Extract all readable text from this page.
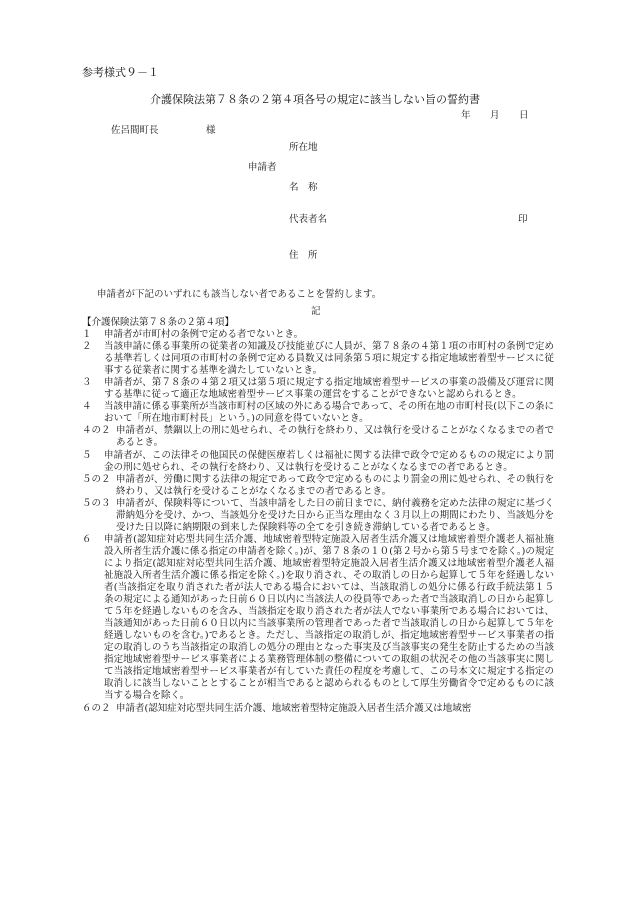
参考様式９－１
介護保険法第７８条の２第４項各号の規定に該当しない旨の誓約書
年 月 日
佐呂間町長	様
所在地
申請者
名　称
代表者名	印
住　所
申請者が下記のいずれにも該当しない者であることを誓約します。
記
【介護保険法第７８条の２第４項】
１	申請者が市町村の条例で定める者でないとき。
２	当該申請に係る事業所の従業者の知識及び技能並びに人員が、第７８条の４第１項の市町村の条例で定める基準若しくは同項の市町村の条例で定める員数又は同条第５項に規定する指定地域密着型サービスに従事する従業者に関する基準を満たしていないとき。
３	申請者が、第７８条の４第２項又は第５項に規定する指定地域密着型サービスの事業の設備及び運営に関する基準に従って適正な地域密着型サービス事業の運営をすることができないと認められるとき。
４	当該申請に係る事業所が当該市町村の区域の外にある場合であって、その所在地の市町村長(以下この条において「所在地市町村長」という。)の同意を得ていないとき。
４の２ 申請者が、禁錮以上の刑に処せられ、その執行を終わり、又は執行を受けることがなくなるまでの者であるとき。
５	申請者が、この法律その他国民の保健医療若しくは福祉に関する法律で政令で定めるものの規定により罰金の刑に処せられ、その執行を終わり、又は執行を受けることがなくなるまでの者であるとき。
５の２ 申請者が、労働に関する法律の規定であって政令で定めるものにより罰金の刑に処せられ、その執行を終わり、又は執行を受けることがなくなるまでの者であるとき。
５の３ 申請者が、保険料等について、当該申請をした日の前日までに、納付義務を定めた法律の規定に基づく滞納処分を受け、かつ、当該処分を受けた日から正当な理由なく３月以上の期間にわたり、当該処分を受けた日以降に納期限の到来した保険料等の全てを引き続き滞納している者であるとき。
６	申請者(認知症対応型共同生活介護、地域密着型特定施設入居者生活介護又は地域密着型介護老人福祉施設入所者生活介護に係る指定の申請者を除く。)が、第７８条の１０(第２号から第５号までを除く。)の規定により指定(認知症対応型共同生活介護、地域密着型特定施設入居者生活介護又は地域密着型介護老人福祉施設入所者生活介護に係る指定を除く。)を取り消され、その取消しの日から起算して５年を経過しない者(当該指定を取り消された者が法人である場合においては、当該取消しの処分に係る行政手続法第１５条の規定による通知があった日前６０日以内に当該法人の役員等であった者で当該取消しの日から起算して５年を経過しないものを含み、当該指定を取り消された者が法人でない事業所である場合においては、当該通知があった日前６０日以内に当該事業所の管理者であった者で当該取消しの日から起算して５年を経過しないものを含む。)であるとき。ただし、当該指定の取消しが、指定地域密着型サービス事業者の指定の取消しのうち当該指定の取消しの処分の理由となった事実及び当該事実の発生を防止するための当該指定地域密着型サービス事業者による業務管理体制の整備についての取組の状況その他の当該事実に関して当該指定地域密着型サービス事業者が有していた責任の程度を考慮して、この号本文に規定する指定の取消しに該当しないこととすることが相当であると認められるものとして厚生労働省令で定めるものに該当する場合を除く。
６の２ 申請者(認知症対応型共同生活介護、地域密着型特定施設入居者生活介護又は地域密
